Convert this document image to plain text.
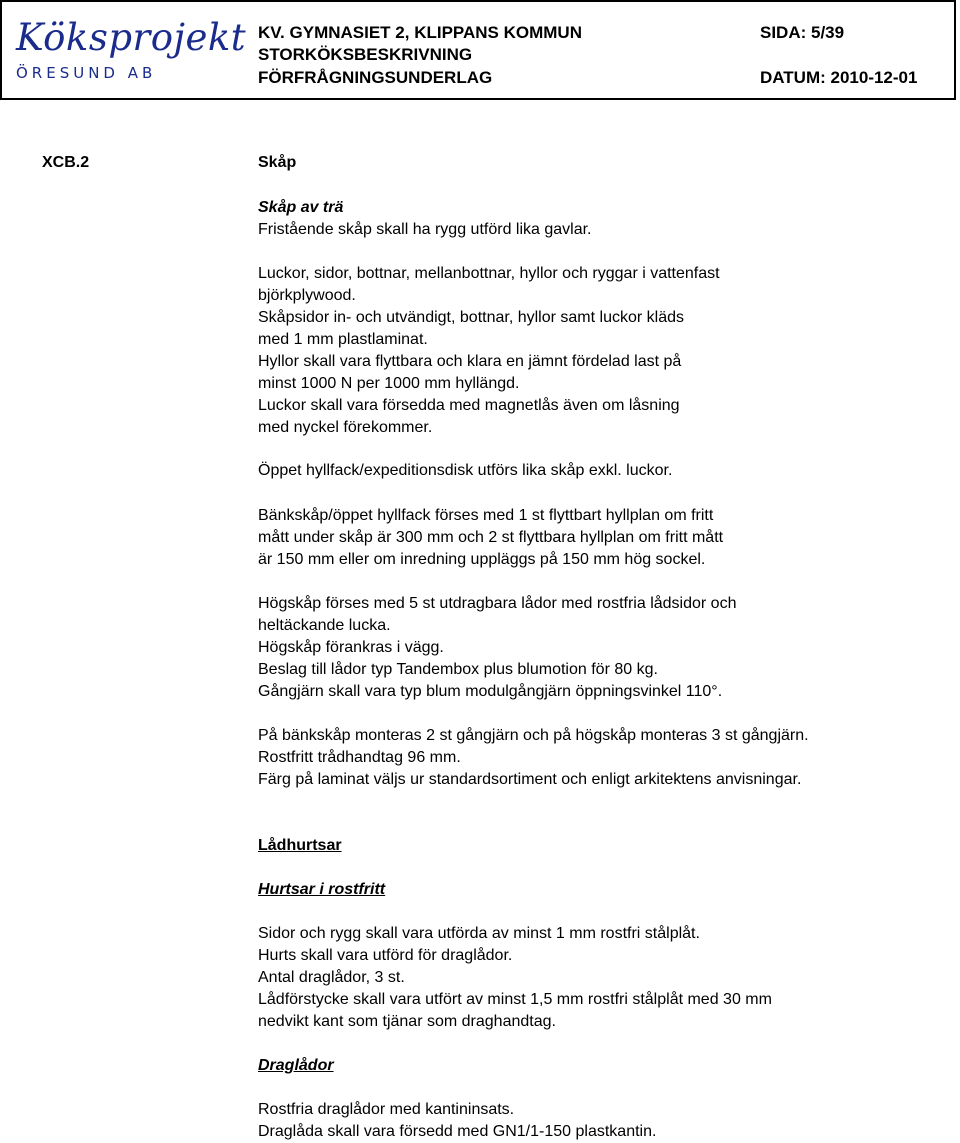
Köksprojekt
ÖRESUND AB
KV. GYMNASIET 2, KLIPPANS KOMMUN
STORKÖKSBESKRIVNING
FÖRFRÅGNINGSUNDERLAG
SIDA: 5/39
DATUM: 2010-12-01
XCB.2	Skåp
Skåp av trä
Fristående skåp skall ha rygg utförd lika gavlar.
Luckor, sidor, bottnar, mellanbottnar, hyllor och ryggar i vattenfast
björkplywood.
Skåpsidor in- och utvändigt, bottnar, hyllor samt luckor kläds
med 1 mm plastlaminat.
Hyllor skall vara flyttbara och klara en jämnt fördelad last på
minst 1000 N per 1000 mm hyllängd.
Luckor skall vara försedda med magnetlås även om låsning
med nyckel förekommer.
Öppet hyllfack/expeditionsdisk utförs lika skåp exkl. luckor.
Bänkskåp/öppet hyllfack förses med 1 st flyttbart hyllplan om fritt
mått under skåp är 300 mm och 2 st flyttbara hyllplan om fritt mått
är 150 mm eller om inredning uppläggs på 150 mm hög sockel.
Högskåp förses med 5 st utdragbara lådor med rostfria lådsidor och
heltäckande lucka.
Högskåp förankras i vägg.
Beslag till lådor typ Tandembox plus blumotion för 80 kg.
Gångjärn skall vara typ blum modulgångjärn öppningsvinkel 110°.
På bänkskåp monteras 2 st gångjärn och på högskåp monteras 3 st gångjärn.
Rostfritt trådhandtag 96 mm.
Färg på laminat väljs ur standardsortiment och enligt arkitektens anvisningar.
Lådhurtsar
Hurtsar i rostfritt
Sidor och rygg skall vara utförda av minst 1 mm rostfri stålplåt.
Hurts skall vara utförd för draglådor.
Antal draglådor, 3 st.
Lådförstycke skall vara utfört av minst 1,5 mm rostfri stålplåt med 30 mm
nedvikt kant som tjänar som draghandtag.
Draglådor
Rostfria draglådor med kantininsats.
Draglåda skall vara försedd med GN1/1-150 plastkantin.
